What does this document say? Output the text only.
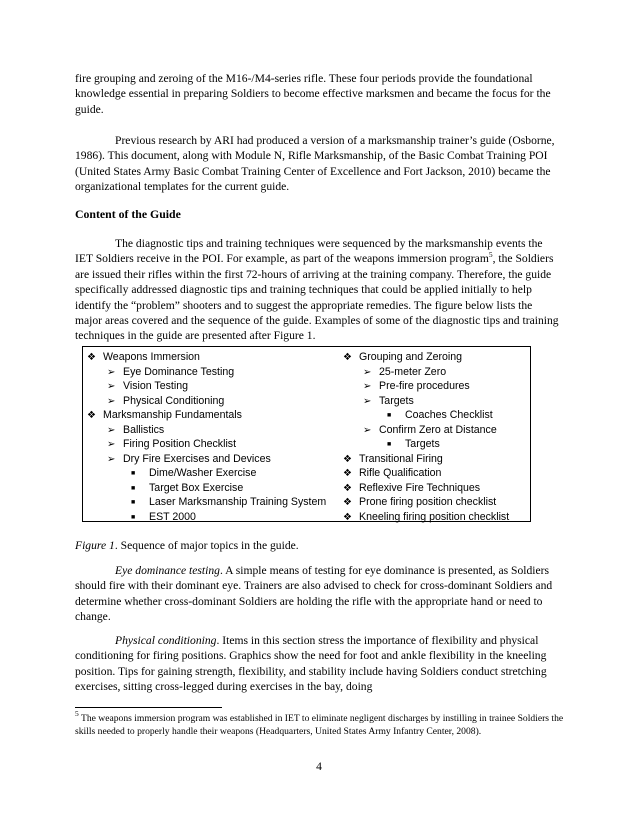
fire grouping and zeroing of the M16-/M4-series rifle. These four periods provide the foundational knowledge essential in preparing Soldiers to become effective marksmen and became the focus for the guide.

Previous research by ARI had produced a version of a marksmanship trainer’s guide (Osborne, 1986). This document, along with Module N, Rifle Marksmanship, of the Basic Combat Training POI (United States Army Basic Combat Training Center of Excellence and Fort Jackson, 2010) became the organizational templates for the current guide.

Content of the Guide

The diagnostic tips and training techniques were sequenced by the marksmanship events the IET Soldiers receive in the POI. For example, as part of the weapons immersion program$^5$, the Soldiers are issued their rifles within the first 72-hours of arriving at the training company. Therefore, the guide specifically addressed diagnostic tips and training techniques that could be applied initially to help identify the “problem” shooters and to suggest the appropriate remedies. The figure below lists the major areas covered and the sequence of the guide. Examples of some of the diagnostic tips and training techniques in the guide are presented after Figure 1.

❖ Weapons Immersion
➢ Eye Dominance Testing
➢ Vision Testing
➢ Physical Conditioning
❖ Marksmanship Fundamentals
➢ Ballistics
➢ Firing Position Checklist
➢ Dry Fire Exercises and Devices
■ Dime/Washer Exercise
■ Target Box Exercise
■ Laser Marksmanship Training System
■ EST 2000
❖ Grouping and Zeroing
➢ 25-meter Zero
➢ Pre-fire procedures
➢ Targets
■ Coaches Checklist
➢ Confirm Zero at Distance
■ Targets
❖ Transitional Firing
❖ Rifle Qualification
❖ Reflexive Fire Techniques
❖ Prone firing position checklist
❖ Kneeling firing position checklist
Figure 1. Sequence of major topics in the guide.

Eye dominance testing. A simple means of testing for eye dominance is presented, as Soldiers should fire with their dominant eye. Trainers are also advised to check for cross-dominant Soldiers and determine whether cross-dominant Soldiers are holding the rifle with the appropriate hand or need to change.

Physical conditioning. Items in this section stress the importance of flexibility and physical conditioning for firing positions. Graphics show the need for foot and ankle flexibility in the kneeling position. Tips for gaining strength, flexibility, and stability include having Soldiers conduct stretching exercises, sitting cross-legged during exercises in the bay, doing

$^5$ The weapons immersion program was established in IET to eliminate negligent discharges by instilling in trainee Soldiers the skills needed to properly handle their weapons (Headquarters, United States Army Infantry Center, 2008).
4
